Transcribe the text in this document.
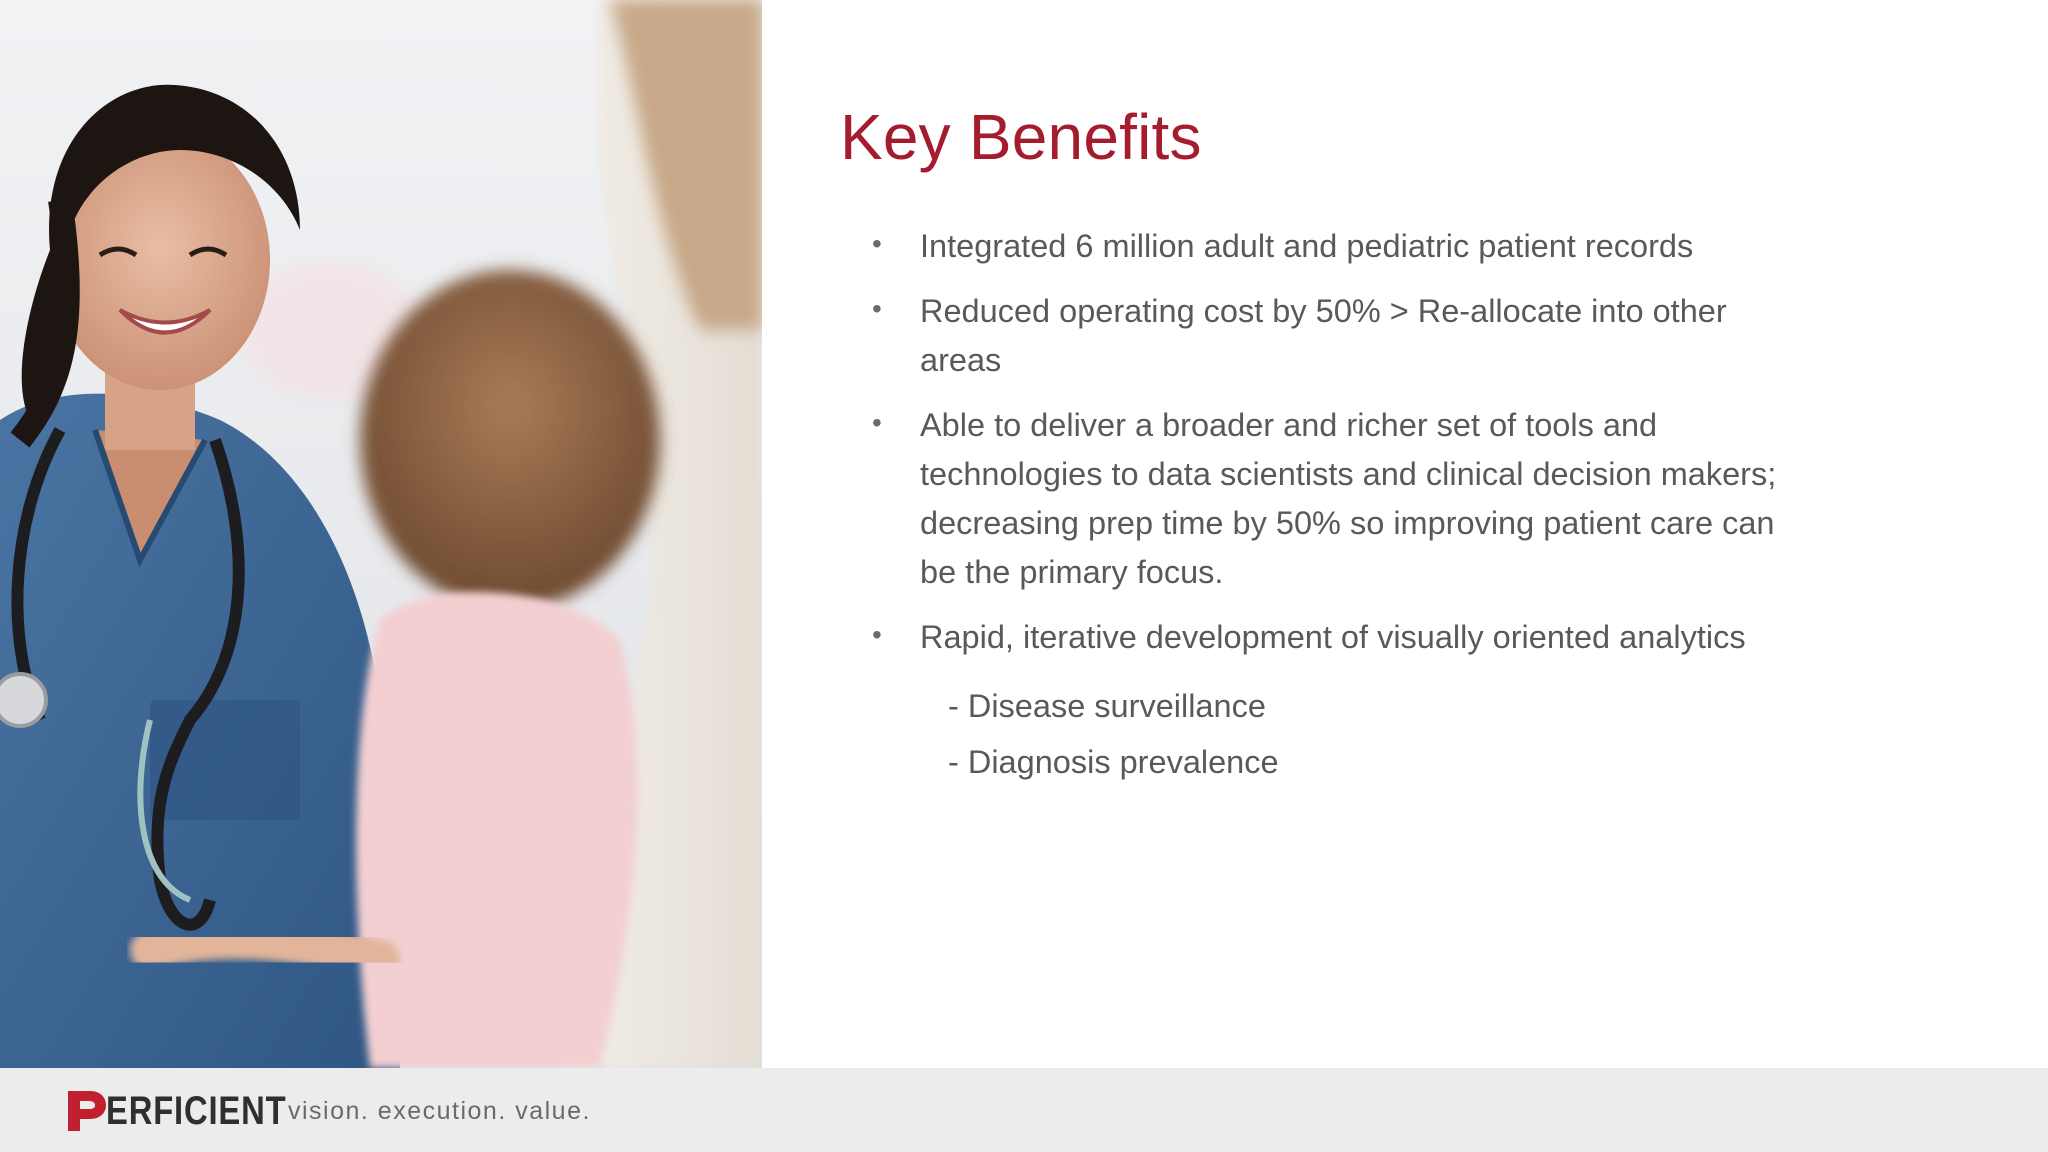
Key Benefits
• Integrated 6 million adult and pediatric patient records
• Reduced operating cost by 50% > Re-allocate into other areas
• Able to deliver a broader and richer set of tools and technologies to data scientists and clinical decision makers; decreasing prep time by 50% so improving patient care can be the primary focus.
• Rapid, iterative development of visually oriented analytics
- Disease surveillance
- Diagnosis prevalence
ERFICIENT vision. execution. value.
